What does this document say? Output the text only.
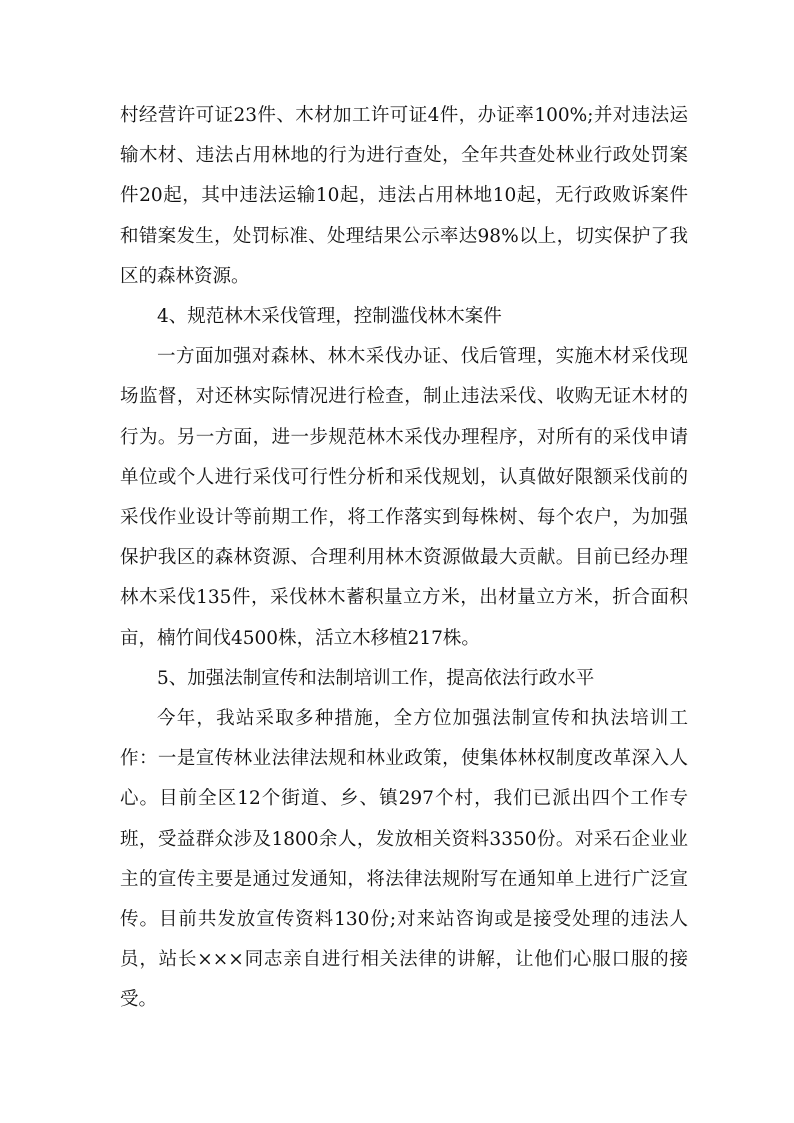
村经营许可证23件、木材加工许可证4件，办证率100%;并对违法运输木材、违法占用林地的行为进行查处，全年共查处林业行政处罚案件20起，其中违法运输10起，违法占用林地10起，无行政败诉案件和错案发生，处罚标准、处理结果公示率达98%以上，切实保护了我区的森林资源。

4、规范林木采伐管理，控制滥伐林木案件

一方面加强对森林、林木采伐办证、伐后管理，实施木材采伐现场监督，对还林实际情况进行检查，制止违法采伐、收购无证木材的行为。另一方面，进一步规范林木采伐办理程序，对所有的采伐申请单位或个人进行采伐可行性分析和采伐规划，认真做好限额采伐前的采伐作业设计等前期工作，将工作落实到每株树、每个农户，为加强保护我区的森林资源、合理利用林木资源做最大贡献。目前已经办理林木采伐135件，采伐林木蓄积量立方米，出材量立方米，折合面积亩，楠竹间伐4500株，活立木移植217株。

5、加强法制宣传和法制培训工作，提高依法行政水平

今年，我站采取多种措施，全方位加强法制宣传和执法培训工作：一是宣传林业法律法规和林业政策，使集体林权制度改革深入人心。目前全区12个街道、乡、镇297个村，我们已派出四个工作专班，受益群众涉及1800余人，发放相关资料3350份。对采石企业业主的宣传主要是通过发通知，将法律法规附写在通知单上进行广泛宣传。目前共发放宣传资料130份;对来站咨询或是接受处理的违法人员，站长×××同志亲自进行相关法律的讲解，让他们心服口服的接受。
